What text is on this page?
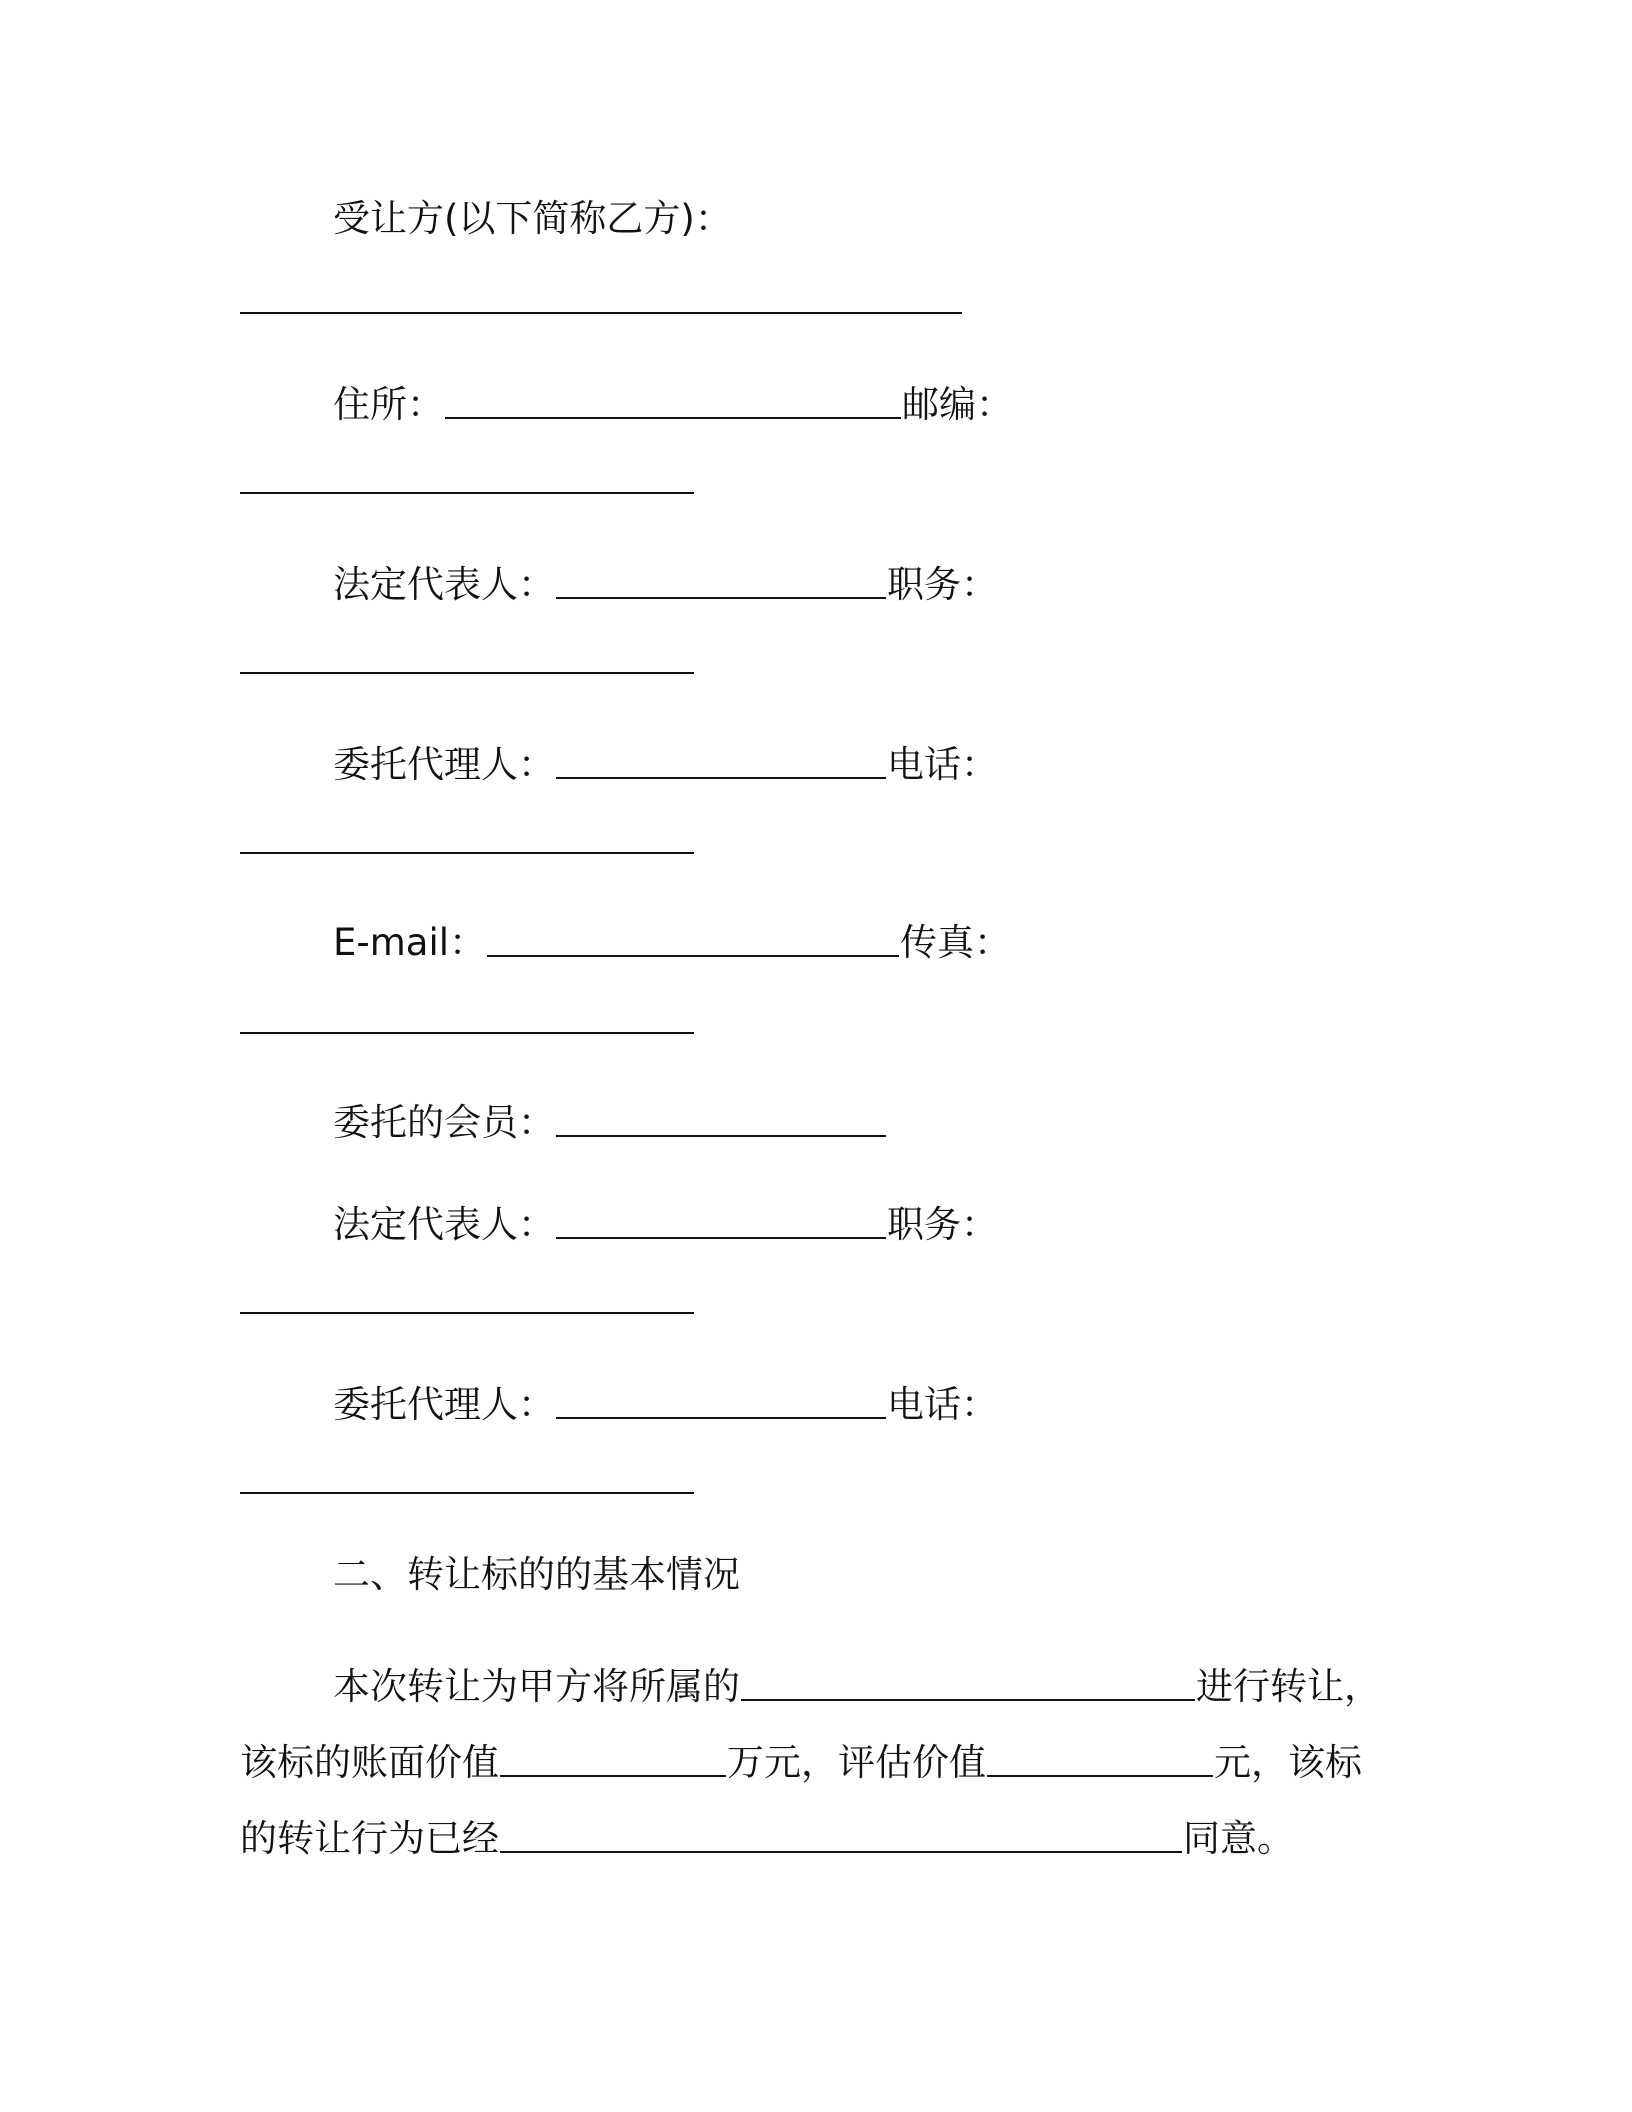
受让方(以下简称乙方)：
住所：	邮编：
法定代表人：	职务：
委托代理人：	电话：
E-mail：	传真：
委托的会员：
法定代表人：	职务：
委托代理人：	电话：
二、转让标的的基本情况
本次转让为甲方将所属的	进行转让，
该标的账面价值	万元，评估价值	元，该标
的转让行为已经	同意。
